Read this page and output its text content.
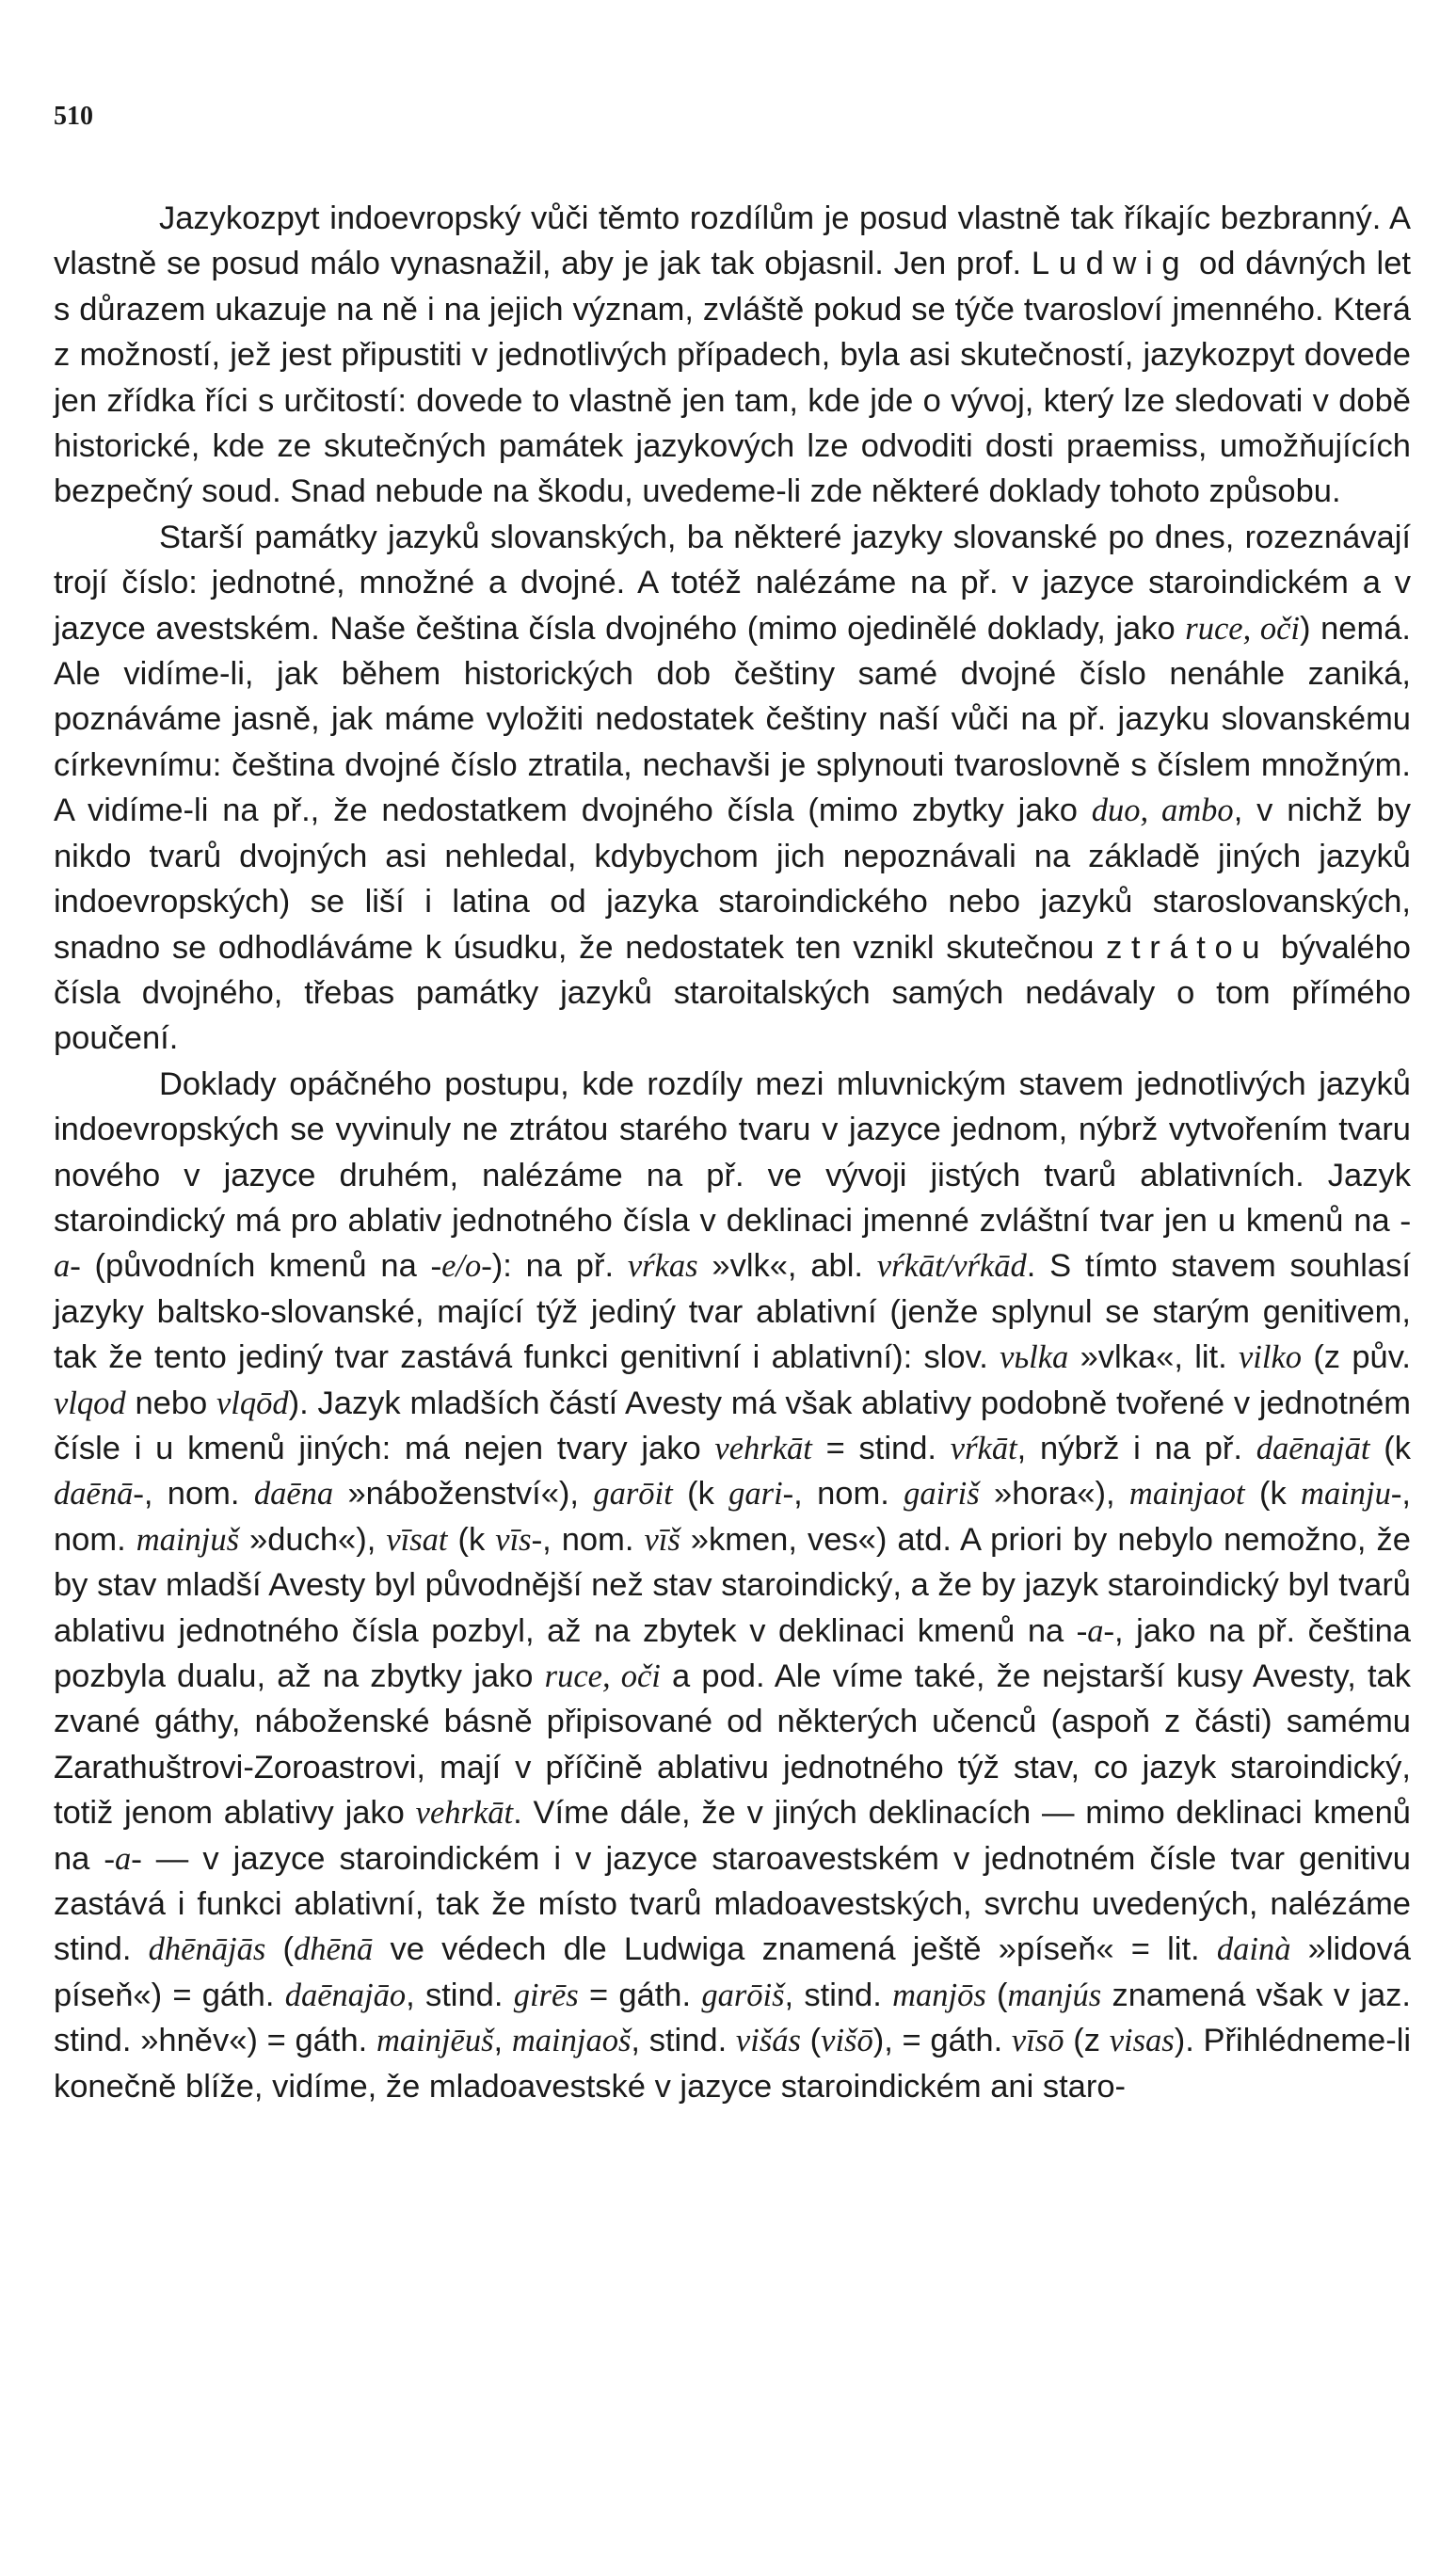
510

Jazykozpyt indoevropský vůči těmto rozdílům je posud vlastně tak říkajíc bezbranný. A vlastně se posud málo vynasnažil, aby je jak tak objasnil. Jen prof. Ludwig od dávných let s důrazem ukazuje na ně i na jejich význam, zvláště pokud se týče tvarosloví jmenného. Která z možností, jež jest připustiti v jednotlivých případech, byla asi skutečností, jazykozpyt dovede jen zřídka říci s určitostí: dovede to vlastně jen tam, kde jde o vývoj, který lze sledovati v době historické, kde ze skutečných památek jazykových lze odvoditi dosti praemiss, umožňujících bezpečný soud. Snad nebude na škodu, uvedeme-li zde některé doklady tohoto způsobu.

Starší památky jazyků slovanských, ba některé jazyky slovanské po dnes, rozeznávají trojí číslo: jednotné, množné a dvojné. A totéž nalézáme na př. v jazyce staroindickém a v jazyce avestském. Naše čeština čísla dvojného (mimo ojedinělé doklady, jako ruce, oči) nemá. Ale vidíme-li, jak během historických dob češtiny samé dvojné číslo nenáhle zaniká, poznáváme jasně, jak máme vyložiti nedostatek češtiny naší vůči na př. jazyku slovanskému církevnímu: čeština dvojné číslo ztratila, nechavši je splynouti tvaroslovně s číslem množným. A vidíme-li na př., že nedostatkem dvojného čísla (mimo zbytky jako duo, ambo, v nichž by nikdo tvarů dvojných asi nehledal, kdybychom jich nepoznávali na základě jiných jazyků indoevropských) se liší i latina od jazyka staroindického nebo jazyků staroslovanských, snadno se odhodláváme k úsudku, že nedostatek ten vznikl skutečnou ztrátou bývalého čísla dvojného, třebas památky jazyků staroitalských samých nedávaly o tom přímého poučení.

Doklady opáčného postupu, kde rozdíly mezi mluvnickým stavem jednotlivých jazyků indoevropských se vyvinuly ne ztrátou starého tvaru v jazyce jednom, nýbrž vytvořením tvaru nového v jazyce druhém, nalézáme na př. ve vývoji jistých tvarů ablativních. Jazyk staroindický má pro ablativ jednotného čísla v deklinaci jmenné zvláštní tvar jen u kmenů na -a- (původních kmenů na -e/o-): na př. vŕkas »vlk«, abl. vŕkāt/vŕkād. S tímto stavem souhlasí jazyky baltsko-slovanské, mající týž jediný tvar ablativní (jenže splynul se starým genitivem, tak že tento jediný tvar zastává funkci genitivní i ablativní): slov. vьlka »vlka«, lit. vilko (z pův. vlqod nebo vlqōd). Jazyk mladších částí Avesty má však ablativy podobně tvořené v jednotném čísle i u kmenů jiných: má nejen tvary jako vehrkāt = stind. vŕkāt, nýbrž i na př. daēnajāt (k daēnā-, nom. daēna »náboženství«), garōit (k gari-, nom. gairiš »hora«), mainjaot (k mainju-, nom. mainjuš »duch«), vīsat (k vīs-, nom. vīš »kmen, ves«) atd. A priori by nebylo nemožno, že by stav mladší Avesty byl původnější než stav staroindický, a že by jazyk staroindický byl tvarů ablativu jednotného čísla pozbyl, až na zbytek v deklinaci kmenů na -a-, jako na př. čeština pozbyla dualu, až na zbytky jako ruce, oči a pod. Ale víme také, že nejstarší kusy Avesty, tak zvané gáthy, náboženské básně připisované od některých učenců (aspoň z části) samému Zarathuštrovi-Zoroastrovi, mají v příčině ablativu jednotného týž stav, co jazyk staroindický, totiž jenom ablativy jako vehrkāt. Víme dále, že v jiných deklinacích — mimo deklinaci kmenů na -a- — v jazyce staroindickém i v jazyce staroavestském v jednotném čísle tvar genitivu zastává i funkci ablativní, tak že místo tvarů mladoavestských, svrchu uvedených, nalézáme stind. dhēnājās (dhēnā ve védech dle Ludwiga znamená ještě »píseň« = lit. dainà »lidová píseň«) = gáth. daēnajāo, stind. girēs = gáth. garōiš, stind. manjōs (manjús znamená však v jaz. stind. »hněv«) = gáth. mainjēuš, mainjaoš, stind. višás (višō), = gáth. vīsō (z visas). Přihlédneme-li konečně blíže, vidíme, že mladoavestské v jazyce staroindickém ani staro-
